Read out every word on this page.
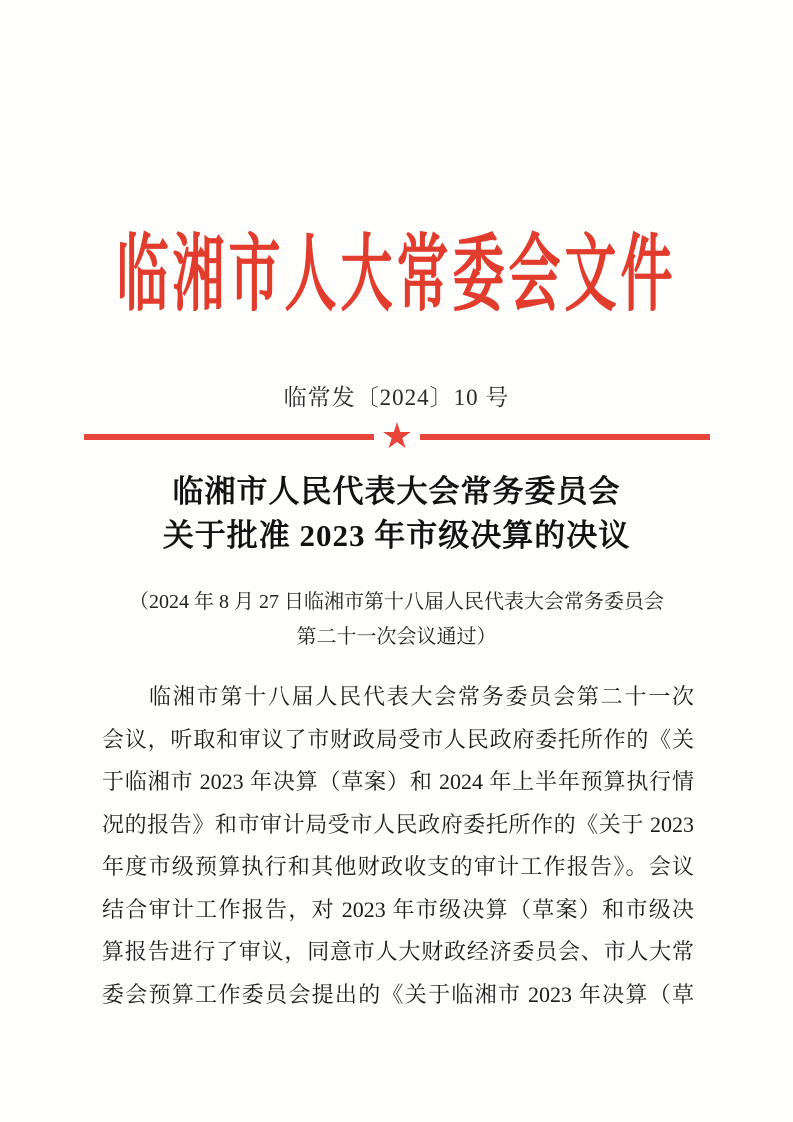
临湘市人大常委会文件
临常发〔2024〕10 号
★
临湘市人民代表大会常务委员会
关于批准 2023 年市级决算的决议
（2024 年 8 月 27 日临湘市第十八届人民代表大会常务委员会
第二十一次会议通过）
临湘市第十八届人民代表大会常务委员会第二十一次
会议，听取和审议了市财政局受市人民政府委托所作的《关
于临湘市 2023 年决算（草案）和 2024 年上半年预算执行情
况的报告》和市审计局受市人民政府委托所作的《关于 2023
年度市级预算执行和其他财政收支的审计工作报告》。会议
结合审计工作报告，对 2023 年市级决算（草案）和市级决
算报告进行了审议，同意市人大财政经济委员会、市人大常
委会预算工作委员会提出的《关于临湘市 2023 年决算（草
